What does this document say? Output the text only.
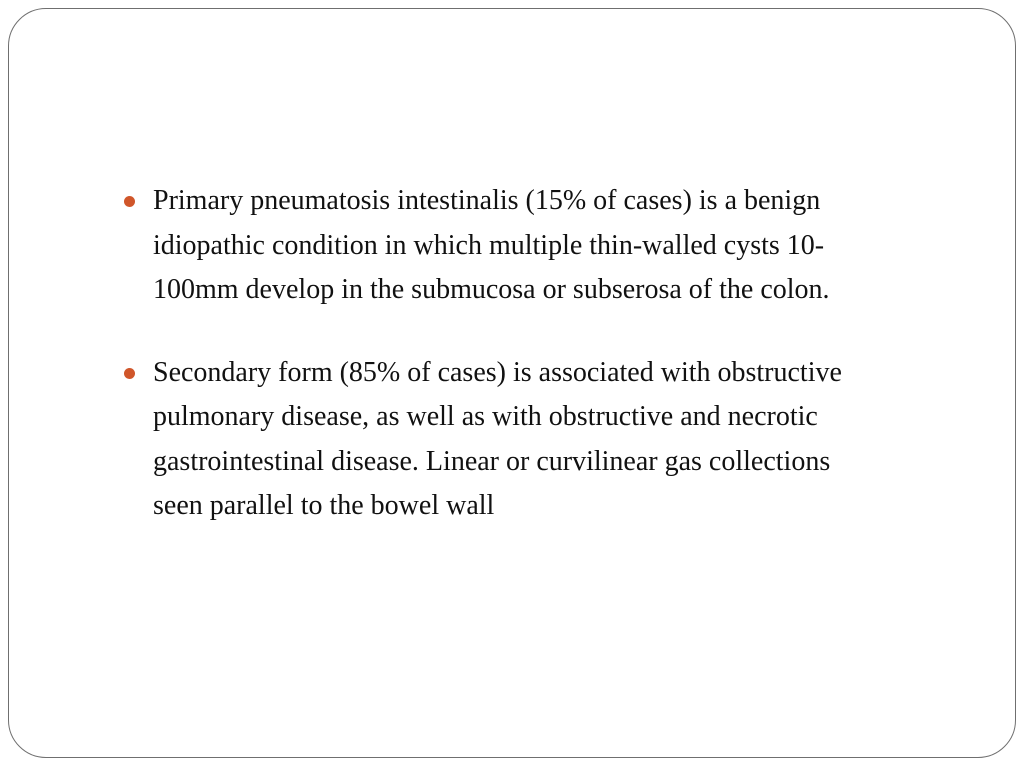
Primary pneumatosis intestinalis (15% of cases) is a benign
idiopathic condition in which multiple thin-walled cysts 10-
100mm develop in the submucosa or subserosa of the colon.
Secondary form (85% of cases) is associated with obstructive
pulmonary disease, as well as with obstructive and necrotic
gastrointestinal disease. Linear or curvilinear gas collections
seen parallel to the bowel wall
